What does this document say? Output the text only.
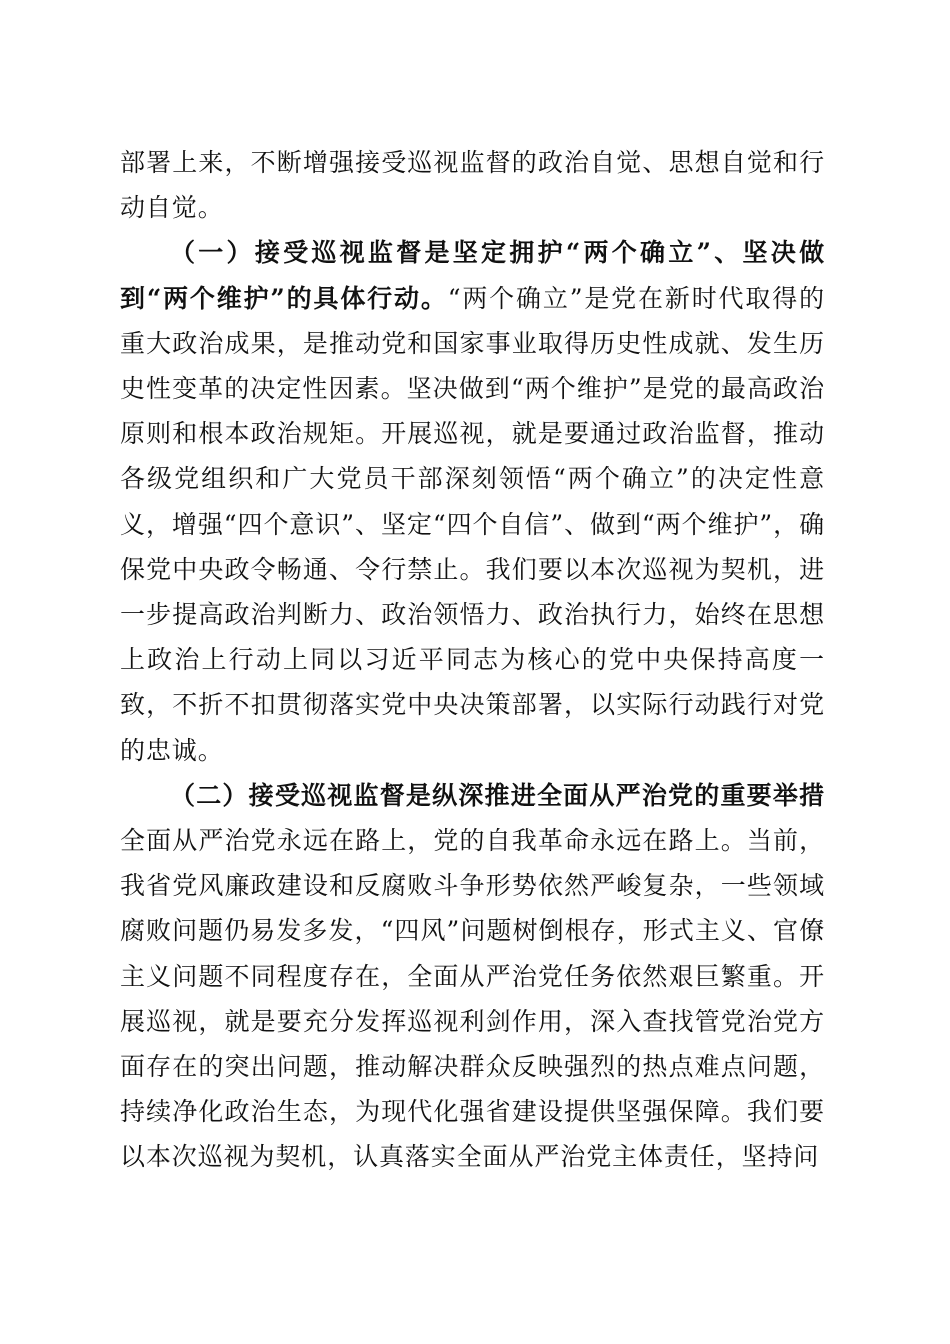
部署上来，不断增强接受巡视监督的政治自觉、思想自觉和行动自觉。

（一）接受巡视监督是坚定拥护“两个确立”、坚决做到“两个维护”的具体行动。“两个确立”是党在新时代取得的重大政治成果，是推动党和国家事业取得历史性成就、发生历史性变革的决定性因素。坚决做到“两个维护”是党的最高政治原则和根本政治规矩。开展巡视，就是要通过政治监督，推动各级党组织和广大党员干部深刻领悟“两个确立”的决定性意义，增强“四个意识”、坚定“四个自信”、做到“两个维护”，确保党中央政令畅通、令行禁止。我们要以本次巡视为契机，进一步提高政治判断力、政治领悟力、政治执行力，始终在思想上政治上行动上同以习近平同志为核心的党中央保持高度一致，不折不扣贯彻落实党中央决策部署，以实际行动践行对党的忠诚。

（二）接受巡视监督是纵深推进全面从严治党的重要举措 全面从严治党永远在路上，党的自我革命永远在路上。当前，我省党风廉政建设和反腐败斗争形势依然严峻复杂，一些领域腐败问题仍易发多发，“四风”问题树倒根存，形式主义、官僚主义问题不同程度存在，全面从严治党任务依然艰巨繁重。开展巡视，就是要充分发挥巡视利剑作用，深入查找管党治党方面存在的突出问题，推动解决群众反映强烈的热点难点问题，持续净化政治生态，为现代化强省建设提供坚强保障。我们要以本次巡视为契机，认真落实全面从严治党主体责任，坚持问
